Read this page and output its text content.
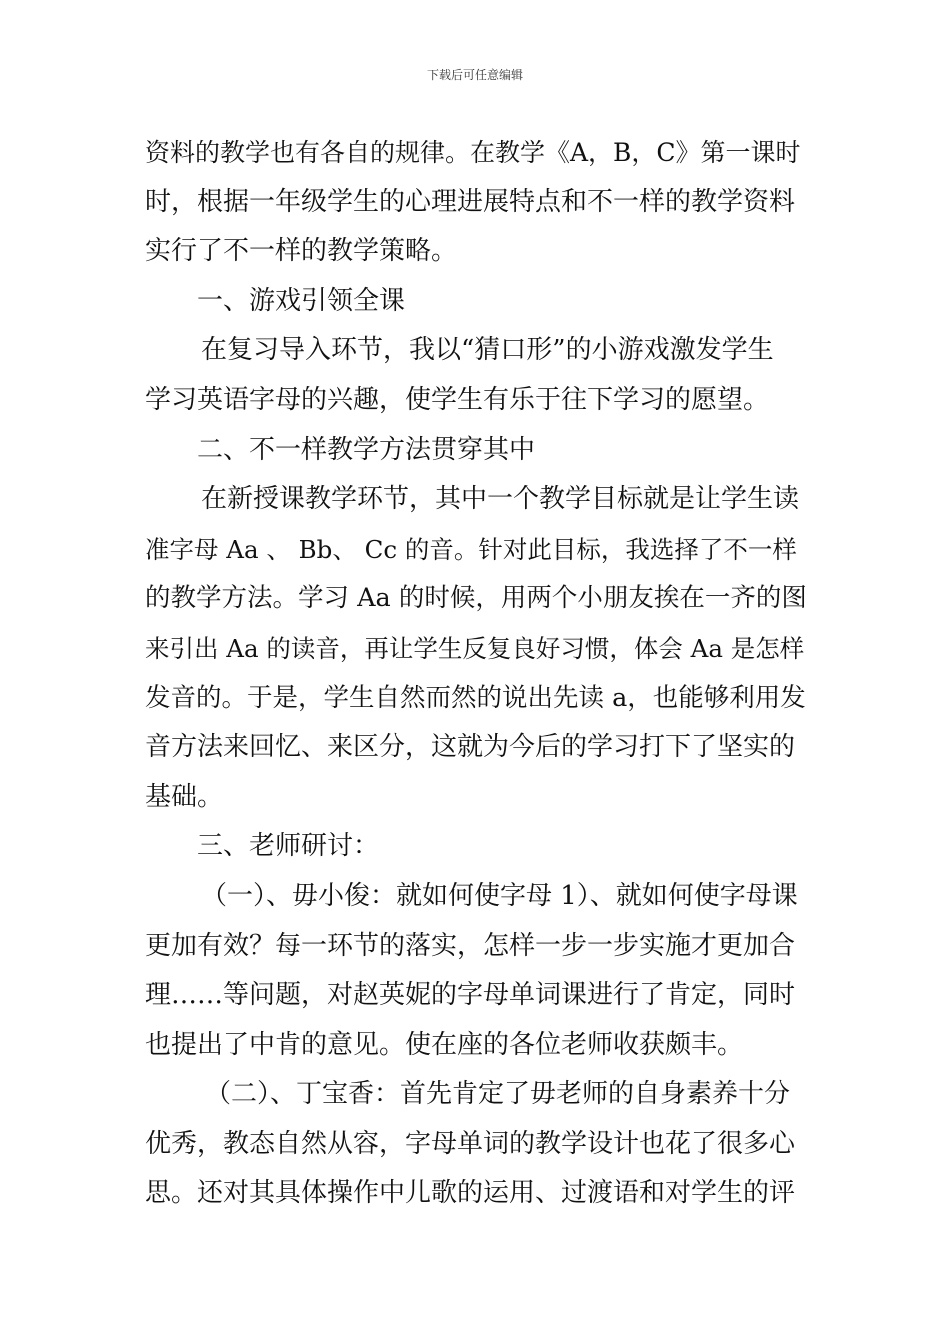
下载后可任意编辑
资料的教学也有各自的规律。在教学《A，B，C》第一课时
时，根据一年级学生的心理进展特点和不一样的教学资料
实行了不一样的教学策略。
一、游戏引领全课
在复习导入环节，我以“猜口形”的小游戏激发学生
学习英语字母的兴趣，使学生有乐于往下学习的愿望。
二、不一样教学方法贯穿其中
在新授课教学环节，其中一个教学目标就是让学生读
准字母 Aa 、 Bb、 Cc 的音。针对此目标，我选择了不一样
的教学方法。学习 Aa 的时候，用两个小朋友挨在一齐的图
来引出 Aa 的读音，再让学生反复良好习惯，体会 Aa 是怎样
发音的。于是，学生自然而然的说出先读 a，也能够利用发
音方法来回忆、来区分，这就为今后的学习打下了坚实的
基础。
三、老师研讨：
（一）、毋小俊：就如何使字母 1）、就如何使字母课
更加有效？每一环节的落实，怎样一步一步实施才更加合
理……等问题，对赵英妮的字母单词课进行了肯定，同时
也提出了中肯的意见。使在座的各位老师收获颇丰。
（二）、丁宝香：首先肯定了毋老师的自身素养十分
优秀，教态自然从容，字母单词的教学设计也花了很多心
思。还对其具体操作中儿歌的运用、过渡语和对学生的评
